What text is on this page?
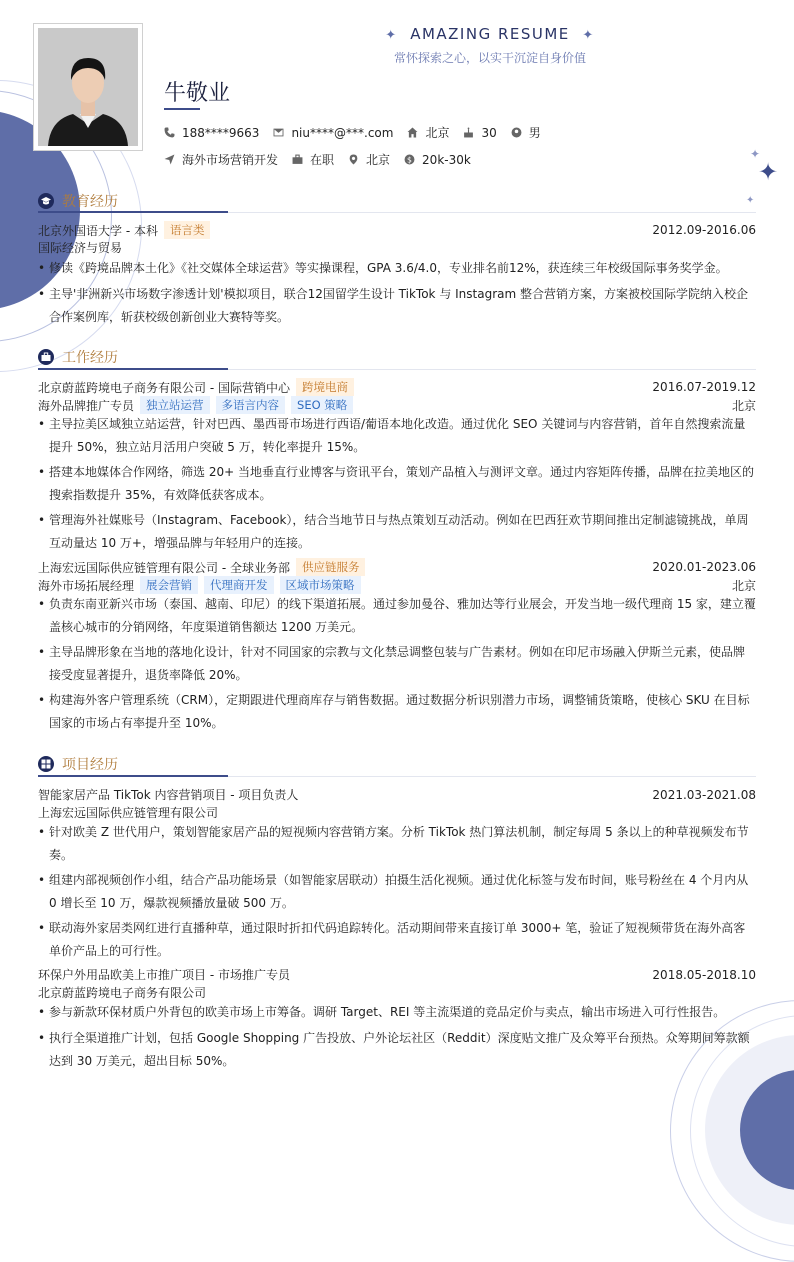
✦
✦
✦
✦ AMAZING RESUME ✦
常怀探索之心，以实干沉淀自身价值
牛敬业
188****9663	niu****@***.com	北京	30	男
海外市场营销开发	在职	北京 $ 20k-30k
教育经历
北京外国语大学 - 本科	语言类	2012.09-2016.06
国际经济与贸易
• 修读《跨境品牌本土化》《社交媒体全球运营》等实操课程，GPA 3.6/4.0，专业排名前12%，获连续三年校级国际事务奖学金。
• 主导'非洲新兴市场数字渗透计划'模拟项目，联合12国留学生设计 TikTok 与 Instagram 整合营销方案，方案被校国际学院纳入校企合作案例库，斩获校级创新创业大赛特等奖。
工作经历
北京蔚蓝跨境电子商务有限公司 - 国际营销中心	跨境电商	2016.07-2019.12
海外品牌推广专员	独立站运营	多语言内容	SEO 策略	北京
• 主导拉美区域独立站运营，针对巴西、墨西哥市场进行西语/葡语本地化改造。通过优化 SEO 关键词与内容营销，首年自然搜索流量提升 50%，独立站月活用户突破 5 万，转化率提升 15%。
• 搭建本地媒体合作网络，筛选 20+ 当地垂直行业博客与资讯平台，策划产品植入与测评文章。通过内容矩阵传播，品牌在拉美地区的搜索指数提升 35%，有效降低获客成本。
• 管理海外社媒账号（Instagram、Facebook），结合当地节日与热点策划互动活动。例如在巴西狂欢节期间推出定制滤镜挑战，单周互动量达 10 万+，增强品牌与年轻用户的连接。
上海宏远国际供应链管理有限公司 - 全球业务部	供应链服务	2020.01-2023.06
海外市场拓展经理	展会营销	代理商开发	区域市场策略	北京
• 负责东南亚新兴市场（泰国、越南、印尼）的线下渠道拓展。通过参加曼谷、雅加达等行业展会，开发当地一级代理商 15 家，建立覆盖核心城市的分销网络，年度渠道销售额达 1200 万美元。
• 主导品牌形象在当地的落地化设计，针对不同国家的宗教与文化禁忌调整包装与广告素材。例如在印尼市场融入伊斯兰元素，使品牌接受度显著提升，退货率降低 20%。
• 构建海外客户管理系统（CRM），定期跟进代理商库存与销售数据。通过数据分析识别潜力市场，调整铺货策略，使核心 SKU 在目标国家的市场占有率提升至 10%。
项目经历
智能家居产品 TikTok 内容营销项目 - 项目负责人	2021.03-2021.08
上海宏远国际供应链管理有限公司
• 针对欧美 Z 世代用户，策划智能家居产品的短视频内容营销方案。分析 TikTok 热门算法机制，制定每周 5 条以上的种草视频发布节奏。
• 组建内部视频创作小组，结合产品功能场景（如智能家居联动）拍摄生活化视频。通过优化标签与发布时间，账号粉丝在 4 个月内从 0 增长至 10 万，爆款视频播放量破 500 万。
• 联动海外家居类网红进行直播种草，通过限时折扣代码追踪转化。活动期间带来直接订单 3000+ 笔，验证了短视频带货在海外高客单价产品上的可行性。
环保户外用品欧美上市推广项目 - 市场推广专员	2018.05-2018.10
北京蔚蓝跨境电子商务有限公司
• 参与新款环保材质户外背包的欧美市场上市筹备。调研 Target、REI 等主流渠道的竞品定价与卖点，输出市场进入可行性报告。
• 执行全渠道推广计划，包括 Google Shopping 广告投放、户外论坛社区（Reddit）深度贴文推广及众筹平台预热。众筹期间筹款额达到 30 万美元，超出目标 50%。
